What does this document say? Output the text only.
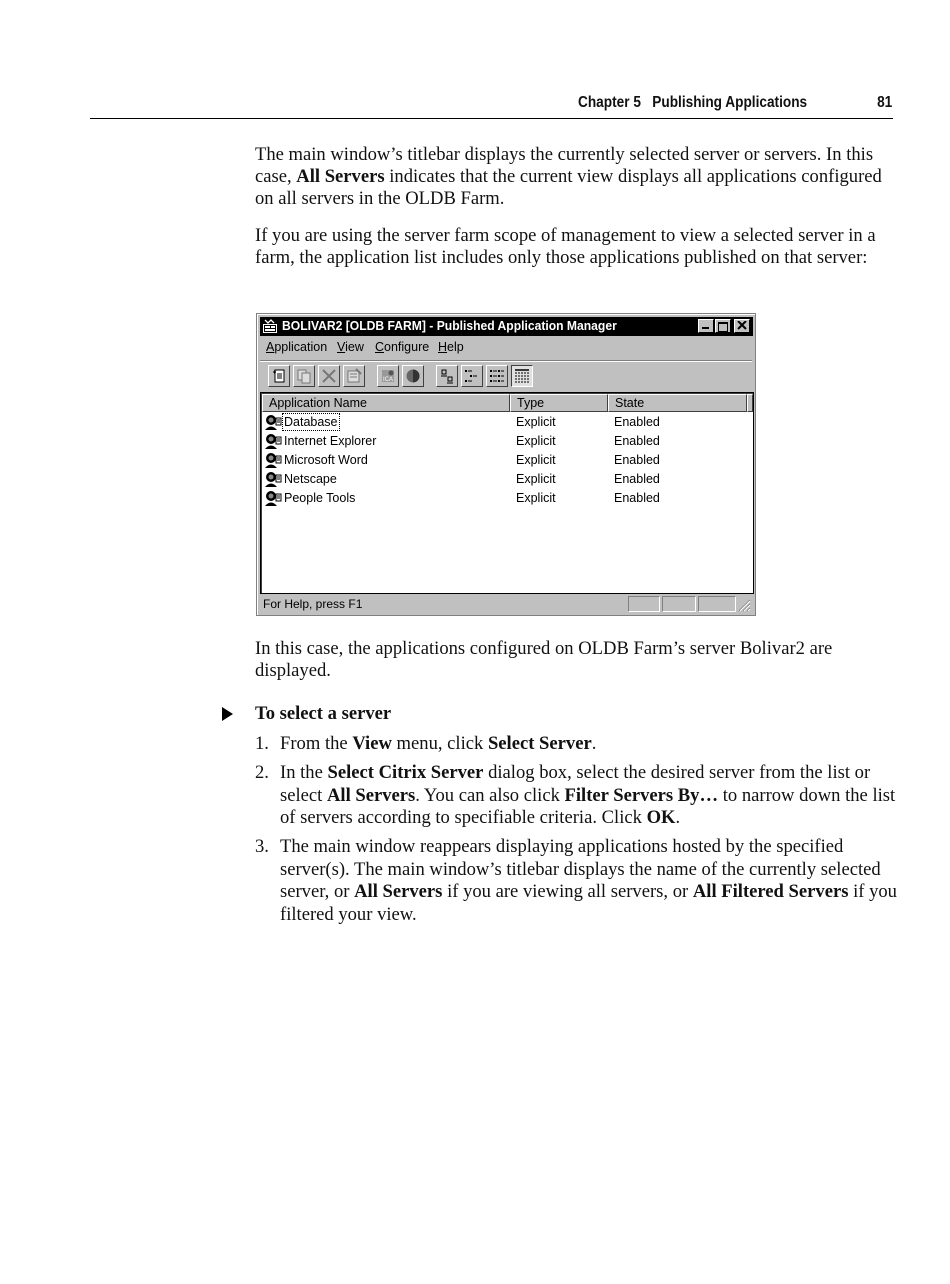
Chapter 5 Publishing Applications	81

The main window’s titlebar displays the currently selected server or servers. In this case, All Servers indicates that the current view displays all applications configured on all servers in the OLDB Farm.

If you are using the server farm scope of management to view a selected server in a farm, the application list includes only those applications published on that server:

BOLIVAR2 [OLDB FARM] - Published Application Manager
Application View Configure Help
ICA
Application Name	Type	State
Database	Explicit	Enabled
Internet Explorer	Explicit	Enabled
Microsoft Word	Explicit	Enabled
Netscape	Explicit	Enabled
People Tools	Explicit	Enabled
For Help, press F1

In this case, the applications configured on OLDB Farm’s server Bolivar2 are displayed.

To select a server
1. From the View menu, click Select Server.
2. In the Select Citrix Server dialog box, select the desired server from the list or select All Servers. You can also click Filter Servers By… to narrow down the list of servers according to specifiable criteria. Click OK.
3. The main window reappears displaying applications hosted by the specified server(s). The main window’s titlebar displays the name of the currently selected server, or All Servers if you are viewing all servers, or All Filtered Servers if you filtered your view.
